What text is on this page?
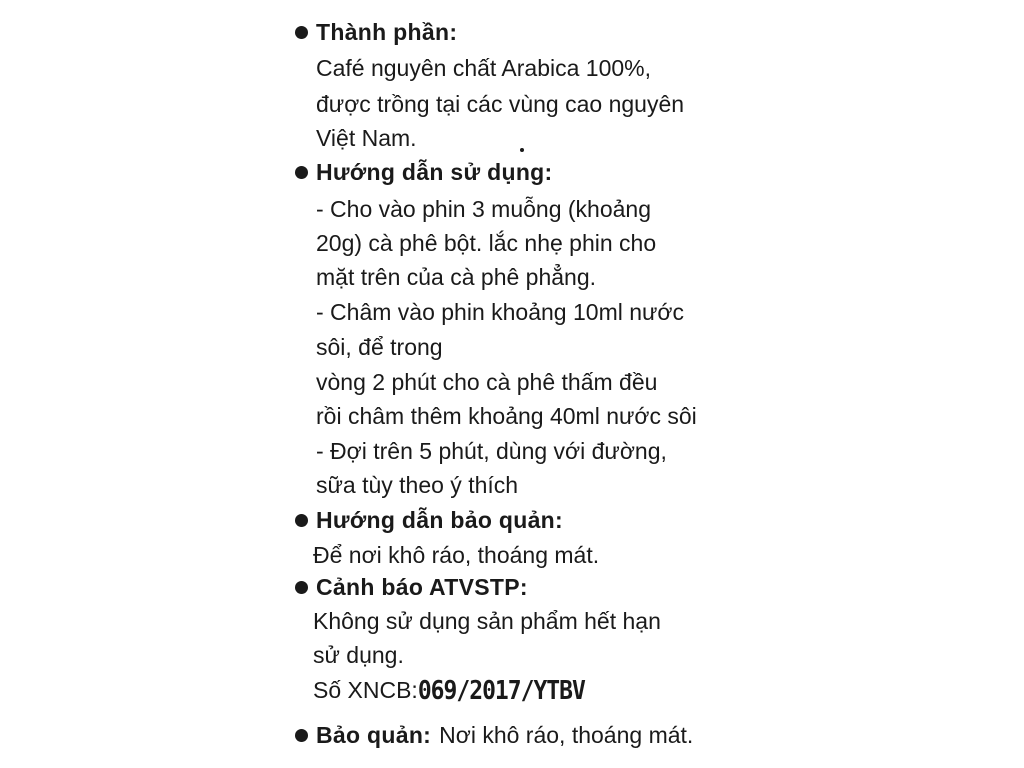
Thành phần:
Café nguyên chất Arabica 100%,
được trồng tại các vùng cao nguyên
Việt Nam.
Hướng dẫn sử dụng:
- Cho vào phin 3 muỗng (khoảng
20g) cà phê bột. lắc nhẹ phin cho
mặt trên của cà phê phẳng.
- Châm vào phin khoảng 10ml nước
sôi, để trong
vòng 2 phút cho cà phê thấm đều
rồi châm thêm khoảng 40ml nước sôi
- Đợi trên 5 phút, dùng với đường,
sữa tùy theo ý thích
Hướng dẫn bảo quản:
Để nơi khô ráo, thoáng mát.
Cảnh báo ATVSTP:
Không sử dụng sản phẩm hết hạn
sử dụng.
Số XNCB:069/2017/YTBV
Bảo quản: Nơi khô ráo, thoáng mát.
